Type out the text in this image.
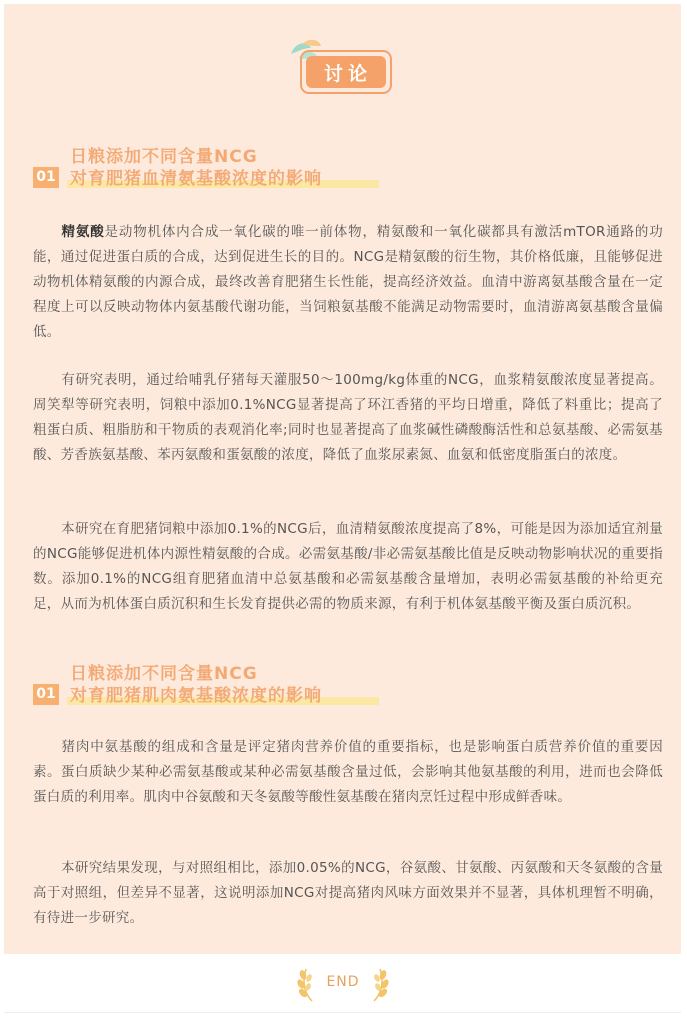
讨论
日粮添加不同含量NCG
01 对育肥猪血清氨基酸浓度的影响

精氨酸是动物机体内合成一氧化碳的唯一前体物，精氨酸和一氧化碳都具有激活mTOR通路的功能，通过促进蛋白质的合成，达到促进生长的目的。NCG是精氨酸的衍生物，其价格低廉，且能够促进动物机体精氨酸的内源合成，最终改善育肥猪生长性能，提高经济效益。血清中游离氨基酸含量在一定程度上可以反映动物体内氨基酸代谢功能，当饲粮氨基酸不能满足动物需要时，血清游离氨基酸含量偏低。

有研究表明，通过给哺乳仔猪每天灌服50～100mg/kg体重的NCG，血浆精氨酸浓度显著提高。周笑犁等研究表明，饲粮中添加0.1%NCG显著提高了环江香猪的平均日增重，降低了料重比；提高了粗蛋白质、粗脂肪和干物质的表观消化率;同时也显著提高了血浆碱性磷酸酶活性和总氨基酸、必需氨基酸、芳香族氨基酸、苯丙氨酸和蛋氨酸的浓度，降低了血浆尿素氮、血氨和低密度脂蛋白的浓度。

本研究在育肥猪饲粮中添加0.1%的NCG后，血清精氨酸浓度提高了8%，可能是因为添加适宜剂量的NCG能够促进机体内源性精氨酸的合成。必需氨基酸/非必需氨基酸比值是反映动物影响状况的重要指数。添加0.1%的NCG组育肥猪血清中总氨基酸和必需氨基酸含量增加，表明必需氨基酸的补给更充足，从而为机体蛋白质沉积和生长发育提供必需的物质来源，有利于机体氨基酸平衡及蛋白质沉积。

日粮添加不同含量NCG
01 对育肥猪肌肉氨基酸浓度的影响

猪肉中氨基酸的组成和含量是评定猪肉营养价值的重要指标，也是影响蛋白质营养价值的重要因素。蛋白质缺少某种必需氨基酸或某种必需氨基酸含量过低，会影响其他氨基酸的利用，进而也会降低蛋白质的利用率。肌肉中谷氨酸和天冬氨酸等酸性氨基酸在猪肉烹饪过程中形成鲜香味。

本研究结果发现，与对照组相比，添加0.05%的NCG，谷氨酸、甘氨酸、丙氨酸和天冬氨酸的含量高于对照组，但差异不显著，这说明添加NCG对提高猪肉风味方面效果并不显著，具体机理暂不明确，有待进一步研究。

END
